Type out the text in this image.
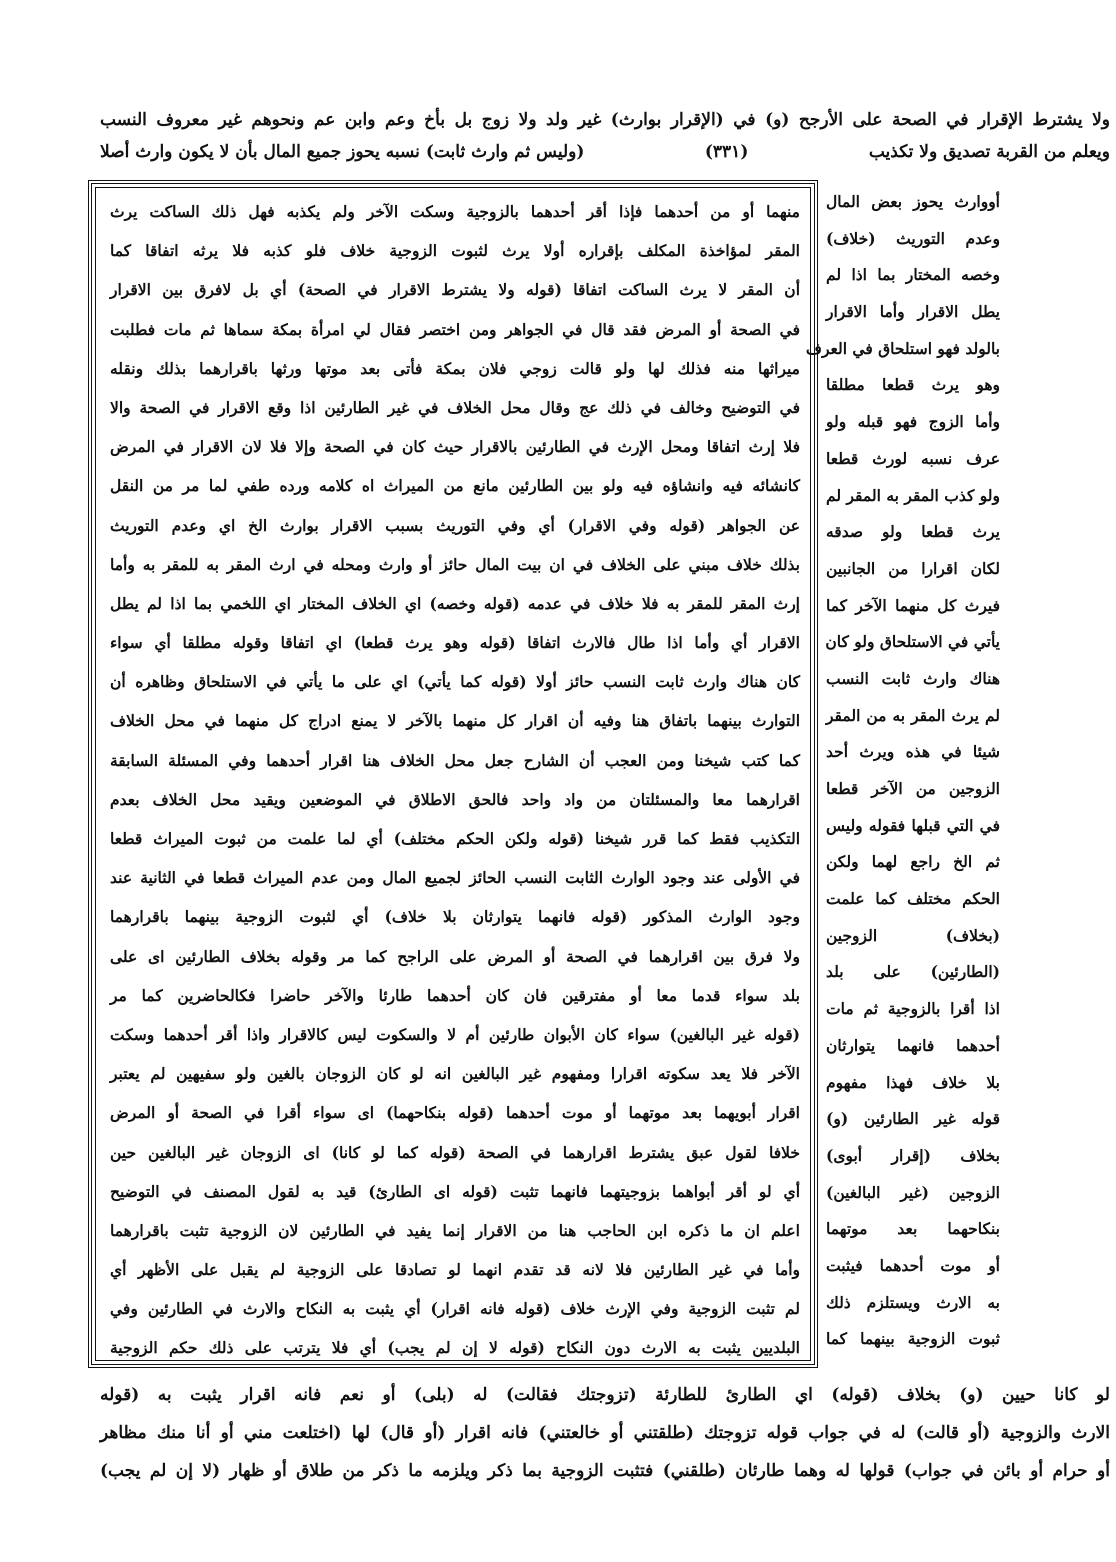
ولا يشترط الإقرار في الصحة على الأرجح (و) في (الإقرار بوارث) غير ولد ولا زوج بل بأخ وعم وابن عم ونحوهم غير معروف النسب
ويعلم من القربة تصديق ولا تكذيب
(٣٣١)
(وليس ثم وارث ثابت) نسبه يحوز جميع المال بأن لا يكون وارث أصلا
منهما أو من أحدهما فإذا أقر أحدهما بالزوجية وسكت الآخر ولم يكذبه فهل ذلك الساكت يرث
المقر لمؤاخذة المكلف بإقراره أولا يرث لثبوت الزوجية خلاف فلو كذبه فلا يرثه اتفاقا كما
أن المقر لا يرث الساكت اتفاقا (قوله ولا يشترط الاقرار في الصحة) أي بل لافرق بين الاقرار
في الصحة أو المرض فقد قال في الجواهر ومن اختصر فقال لي امرأة بمكة سماها ثم مات فطلبت
ميراثها منه فذلك لها ولو قالت زوجي فلان بمكة فأتى بعد موتها ورثها باقرارهما بذلك ونقله
في التوضيح وخالف في ذلك عج وقال محل الخلاف في غير الطارئين اذا وقع الاقرار في الصحة والا
فلا إرث اتفاقا ومحل الإرث في الطارئين بالاقرار حيث كان في الصحة وإلا فلا لان الاقرار في المرض
كانشائه فيه وانشاؤه فيه ولو بين الطارئين مانع من الميراث اه كلامه ورده طفي لما مر من النقل
عن الجواهر (قوله وفي الاقرار) أي وفي التوريث بسبب الاقرار بوارث الخ اي وعدم التوريث
بذلك خلاف مبني على الخلاف في ان بيت المال حائز أو وارث ومحله في ارث المقر به للمقر به وأما
إرث المقر للمقر به فلا خلاف في عدمه (قوله وخصه) اي الخلاف المختار اي اللخمي بما اذا لم يطل
الاقرار أي وأما اذا طال فالارث اتفاقا (قوله وهو يرث قطعا) اي اتفاقا وقوله مطلقا أي سواء
كان هناك وارث ثابت النسب حائز أولا (قوله كما يأتي) اي على ما يأتي في الاستلحاق وظاهره أن
التوارث بينهما باتفاق هنا وفيه أن اقرار كل منهما بالآخر لا يمنع ادراج كل منهما في محل الخلاف
كما كتب شيخنا ومن العجب أن الشارح جعل محل الخلاف هنا اقرار أحدهما وفي المسئلة السابقة
اقرارهما معا والمسئلتان من واد واحد فالحق الاطلاق في الموضعين ويقيد محل الخلاف بعدم
التكذيب فقط كما قرر شيخنا (قوله ولكن الحكم مختلف) أي لما علمت من ثبوت الميراث قطعا
في الأولى عند وجود الوارث الثابت النسب الحائز لجميع المال ومن عدم الميراث قطعا في الثانية عند
وجود الوارث المذكور (قوله فانهما يتوارثان بلا خلاف) أي لثبوت الزوجية بينهما باقرارهما
ولا فرق بين اقرارهما في الصحة أو المرض على الراجح كما مر وقوله بخلاف الطارئين اى على
بلد سواء قدما معا أو مفترقين فان كان أحدهما طارئا والآخر حاضرا فكالحاضرين كما مر
(قوله غير البالغين) سواء كان الأبوان طارئين أم لا والسكوت ليس كالاقرار واذا أقر أحدهما وسكت
الآخر فلا يعد سكوته اقرارا ومفهوم غير البالغين انه لو كان الزوجان بالغين ولو سفيهين لم يعتبر
اقرار أبويهما بعد موتهما أو موت أحدهما (قوله بنكاحهما) اى سواء أقرا في الصحة أو المرض
خلافا لقول عبق يشترط اقرارهما في الصحة (قوله كما لو كانا) اى الزوجان غير البالغين حين
أي لو أقر أبواهما بزوجيتهما فانهما تثبت (قوله اى الطارئ) قيد به لقول المصنف في التوضيح
اعلم ان ما ذكره ابن الحاجب هنا من الاقرار إنما يفيد في الطارئين لان الزوجية تثبت باقرارهما
وأما في غير الطارئين فلا لانه قد تقدم انهما لو تصادقا على الزوجية لم يقبل على الأظهر أي
لم تثبت الزوجية وفي الإرث خلاف (قوله فانه اقرار) أي يثبت به النكاح والارث في الطارئين وفي
البلديين يثبت به الارث دون النكاح (قوله لا إن لم يجب) أي فلا يترتب على ذلك حكم الزوجية
أووارث يحوز بعض المال
وعدم التوريث (خلاف)
وخصه المختار بما اذا لم
يطل الاقرار وأما الاقرار
بالولد فهو استلحاق في العرف
وهو يرث قطعا مطلقا
وأما الزوج فهو قبله ولو
عرف نسبه لورث قطعا
ولو كذب المقر به المقر لم
يرث قطعا ولو صدقه
لكان اقرارا من الجانبين
فيرث كل منهما الآخر كما
يأتي في الاستلحاق ولو كان
هناك وارث ثابت النسب
لم يرث المقر به من المقر
شيئا في هذه ويرث أحد
الزوجين من الآخر قطعا
في التي قبلها فقوله وليس
ثم الخ راجع لهما ولكن
الحكم مختلف كما علمت
(بخلاف) الزوجين
(الطارئين) على بلد
اذا أقرا بالزوجية ثم مات
أحدهما فانهما يتوارثان
بلا خلاف فهذا مفهوم
قوله غير الطارئين (و)
بخلاف (إقرار أبوى)
الزوجين (غير البالغين)
بنكاحهما بعد موتهما
أو موت أحدهما فيثبت
به الارث ويستلزم ذلك
ثبوت الزوجية بينهما كما
لو كانا حيين (و) بخلاف (قوله) اي الطارئ للطارئة (تزوجتك فقالت) له (بلى) أو نعم فانه اقرار يثبت به (قوله
الارث والزوجية (أو قالت) له في جواب قوله تزوجتك (طلقتني أو خالعتني) فانه اقرار (أو قال) لها (اختلعت مني أو أنا منك مظاهر
أو حرام أو بائن في جواب) قولها له وهما طارئان (طلقني) فتثبت الزوجية بما ذكر ويلزمه ما ذكر من طلاق أو ظهار (لا إن لم يجب)
